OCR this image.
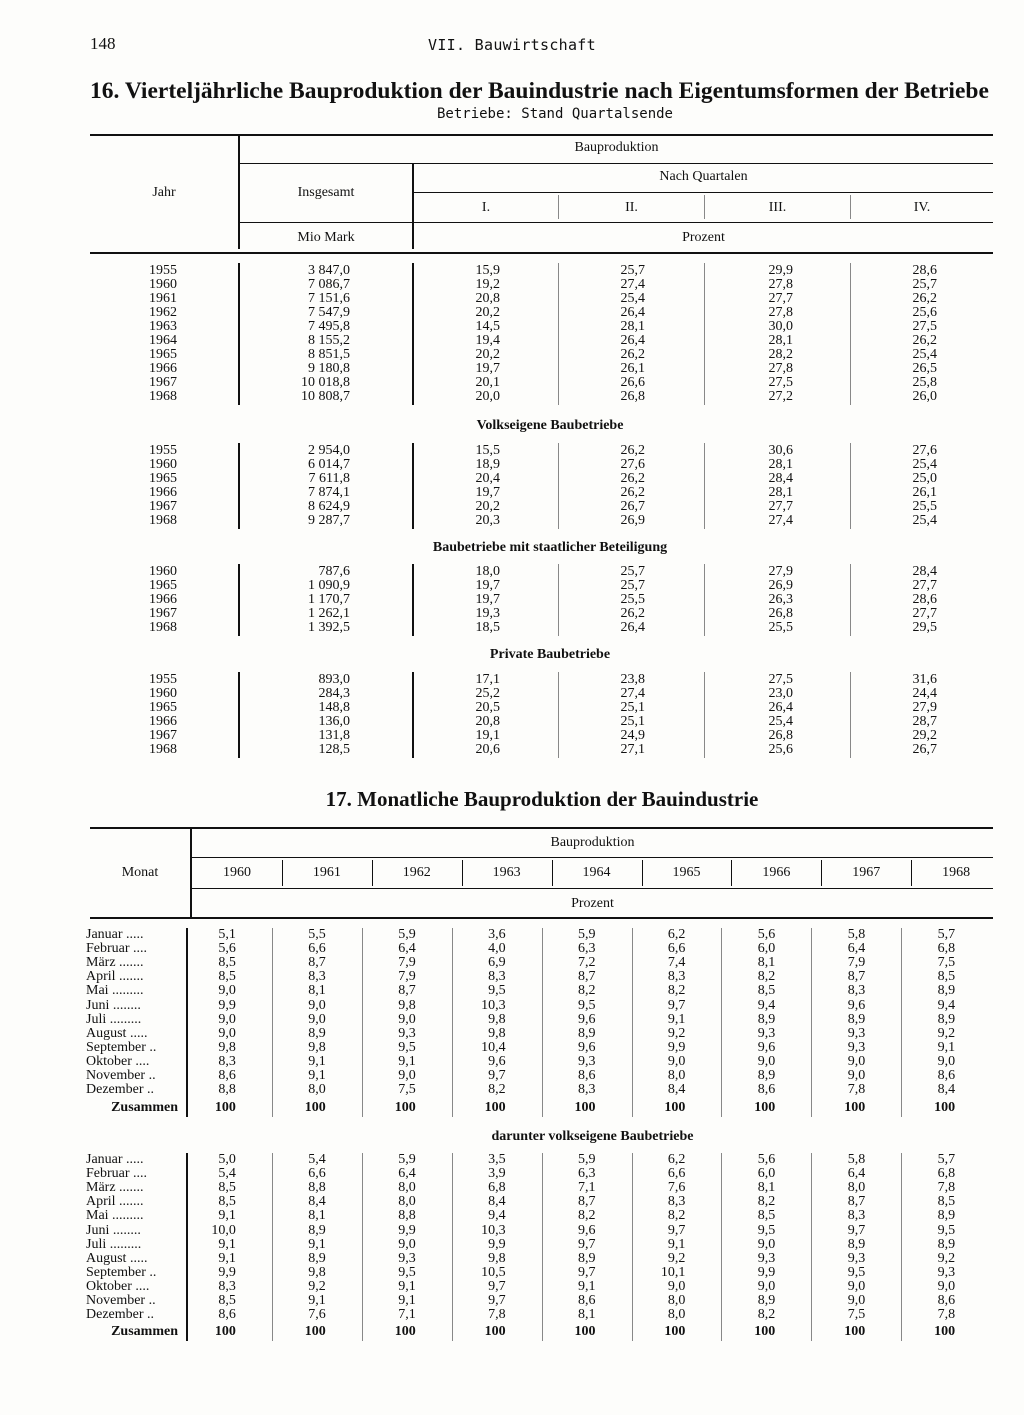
148	VII. Bauwirtschaft
16. Vierteljährliche Bauproduktion der Bauindustrie nach Eigentumsformen der Betriebe
Betriebe: Stand Quartalsende
Jahr
Bauproduktion
Insgesamt
Nach Quartalen
I.	II.	III.	IV.
Mio Mark	Prozent
1955	3 847,0	15,9	25,7	29,9	28,6
1960	7 086,7	19,2	27,4	27,8	25,7
1961	7 151,6	20,8	25,4	27,7	26,2
1962	7 547,9	20,2	26,4	27,8	25,6
1963	7 495,8	14,5	28,1	30,0	27,5
1964	8 155,2	19,4	26,4	28,1	26,2
1965	8 851,5	20,2	26,2	28,2	25,4
1966	9 180,8	19,7	26,1	27,8	26,5
1967	10 018,8	20,1	26,6	27,5	25,8
1968	10 808,7	20,0	26,8	27,2	26,0
Volkseigene Baubetriebe
1955	2 954,0	15,5	26,2	30,6	27,6
1960	6 014,7	18,9	27,6	28,1	25,4
1965	7 611,8	20,4	26,2	28,4	25,0
1966	7 874,1	19,7	26,2	28,1	26,1
1967	8 624,9	20,2	26,7	27,7	25,5
1968	9 287,7	20,3	26,9	27,4	25,4
Baubetriebe mit staatlicher Beteiligung
1960	787,6	18,0	25,7	27,9	28,4
1965	1 090,9	19,7	25,7	26,9	27,7
1966	1 170,7	19,7	25,5	26,3	28,6
1967	1 262,1	19,3	26,2	26,8	27,7
1968	1 392,5	18,5	26,4	25,5	29,5
Private Baubetriebe
1955	893,0	17,1	23,8	27,5	31,6
1960	284,3	25,2	27,4	23,0	24,4
1965	148,8	20,5	25,1	26,4	27,9
1966	136,0	20,8	25,1	25,4	28,7
1967	131,8	19,1	24,9	26,8	29,2
1968	128,5	20,6	27,1	25,6	26,7
17. Monatliche Bauproduktion der Bauindustrie
Monat
Bauproduktion
1960	1961	1962	1963	1964	1965	1966	1967	1968
Prozent
Januar .....	5,1	5,5	5,9	3,6	5,9	6,2	5,6	5,8	5,7
Februar ....	5,6	6,6	6,4	4,0	6,3	6,6	6,0	6,4	6,8
März .......	8,5	8,7	7,9	6,9	7,2	7,4	8,1	7,9	7,5
April .......	8,5	8,3	7,9	8,3	8,7	8,3	8,2	8,7	8,5
Mai .........	9,0	8,1	8,7	9,5	8,2	8,2	8,5	8,3	8,9
Juni ........	9,9	9,0	9,8	10,3	9,5	9,7	9,4	9,6	9,4
Juli .........	9,0	9,0	9,0	9,8	9,6	9,1	8,9	8,9	8,9
August .....	9,0	8,9	9,3	9,8	8,9	9,2	9,3	9,3	9,2
September ..	9,8	9,8	9,5	10,4	9,6	9,9	9,6	9,3	9,1
Oktober ....	8,3	9,1	9,1	9,6	9,3	9,0	9,0	9,0	9,0
November ..	8,6	9,1	9,0	9,7	8,6	8,0	8,9	9,0	8,6
Dezember ..	8,8	8,0	7,5	8,2	8,3	8,4	8,6	7,8	8,4
Zusammen	100	100	100	100	100	100	100	100	100
darunter volkseigene Baubetriebe
Januar .....	5,0	5,4	5,9	3,5	5,9	6,2	5,6	5,8	5,7
Februar ....	5,4	6,6	6,4	3,9	6,3	6,6	6,0	6,4	6,8
März .......	8,5	8,8	8,0	6,8	7,1	7,6	8,1	8,0	7,8
April .......	8,5	8,4	8,0	8,4	8,7	8,3	8,2	8,7	8,5
Mai .........	9,1	8,1	8,8	9,4	8,2	8,2	8,5	8,3	8,9
Juni ........	10,0	8,9	9,9	10,3	9,6	9,7	9,5	9,7	9,5
Juli .........	9,1	9,1	9,0	9,9	9,7	9,1	9,0	8,9	8,9
August .....	9,1	8,9	9,3	9,8	8,9	9,2	9,3	9,3	9,2
September ..	9,9	9,8	9,5	10,5	9,7	10,1	9,9	9,5	9,3
Oktober ....	8,3	9,2	9,1	9,7	9,1	9,0	9,0	9,0	9,0
November ..	8,5	9,1	9,1	9,7	8,6	8,0	8,9	9,0	8,6
Dezember ..	8,6	7,6	7,1	7,8	8,1	8,0	8,2	7,5	7,8
Zusammen	100	100	100	100	100	100	100	100	100
